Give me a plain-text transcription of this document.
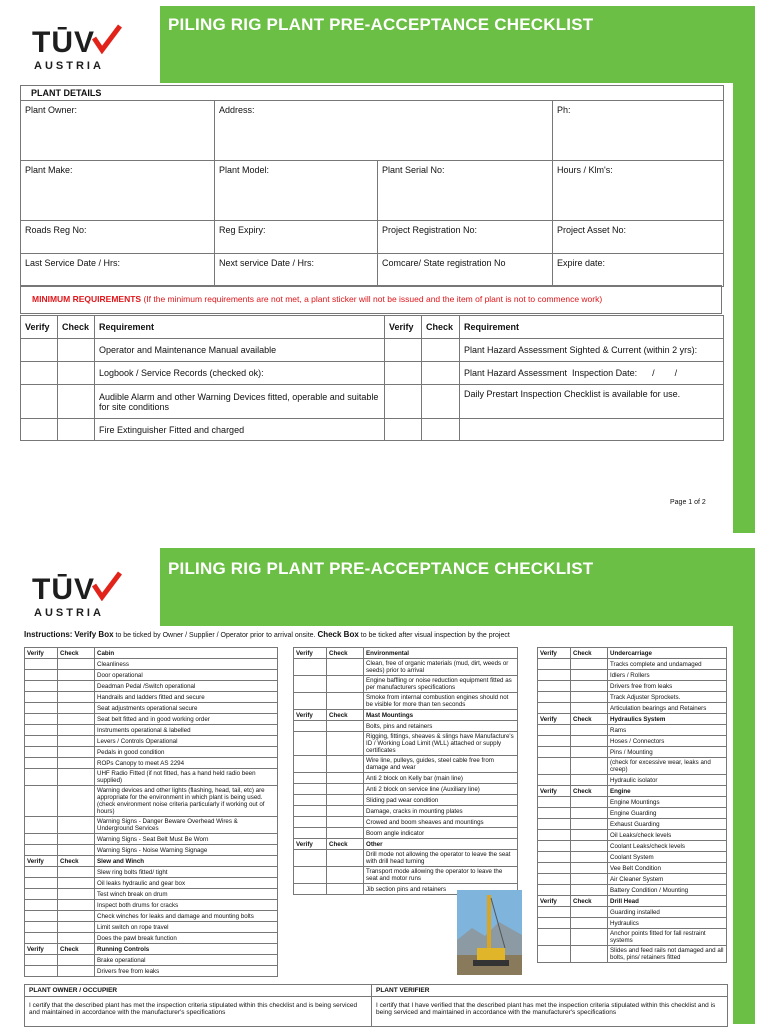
TŪV
AUSTRIA
PILING RIG PLANT PRE-ACCEPTANCE CHECKLIST
PLANT DETAILS			
Plant Owner:	Address:		Ph:
Plant Make:	Plant Model:	Plant Serial No:	Hours / Klm's:
Roads Reg No:	Reg Expiry:	Project Registration No:	Project Asset No:
Last Service Date / Hrs:	Next service Date / Hrs:	Comcare/ State registration No	Expire date:
MINIMUM REQUIREMENTS (If the minimum requirements are not met, a plant sticker will not be issued and the item of plant is not to commence work)
Verify	Check	Requirement	Verify	Check	Requirement
		Operator and Maintenance Manual available			Plant Hazard Assessment Sighted & Current (within 2 yrs):
		Logbook / Service Records (checked ok):			Plant Hazard Assessment  Inspection Date:      /        /
		Audible Alarm and other Warning Devices fitted, operable and suitable for site conditions			Daily Prestart Inspection Checklist is available for use.
		Fire Extinguisher Fitted and charged			
Page 1 of 2
TŪV
AUSTRIA
PILING RIG PLANT PRE-ACCEPTANCE CHECKLIST
Instructions: Verify Box to be ticked by Owner / Supplier / Operator prior to arrival onsite. Check Box to be ticked after visual inspection by the project
Verify	Check	Cabin
		Cleanliness
		Door operational
		Deadman Pedal /Switch operational
		Handrails and ladders fitted and secure
		Seat adjustments operational secure
		Seat belt fitted and in good working order
		Instruments operational & labelled
		Levers / Controls Operational
		Pedals in good condition
		ROPs Canopy to meet AS 2294
		UHF Radio Fitted (if not fitted, has a hand held radio been supplied)
		Warning devices and other lights (flashing, head, tail, etc) are appropriate for the environment in which plant is being used. (check environment noise criteria particularly if working out of hours)
		Warning Signs - Danger Beware Overhead Wires & Underground Services
		Warning Signs - Seat Belt Must Be Worn
		Warning Signs - Noise Warning Signage
Verify	Check	Slew and Winch
		Slew ring bolts fitted/ tight
		Oil leaks hydraulic and gear box
		Test winch break on drum
		Inspect both drums for cracks
		Check winches for leaks and damage and mounting bolts
		Limit switch on rope travel
		Does the pawl break function
Verify	Check	Running Controls
		Brake operational
		Drivers free from leaks
Verify	Check	Environmental
		Clean, free of organic materials (mud, dirt, weeds or seeds) prior to arrival
		Engine baffling or noise reduction equipment fitted as per manufacturers specifications
		Smoke from internal combustion engines should not be visible for more than ten seconds
Verify	Check	Mast Mountings
		Bolts, pins and retainers
		Rigging, fittings, sheaves & slings have Manufacture's ID / Working Load Limit (WLL) attached or supply certificates
		Wire line, pulleys, guides, steel cable free from damage and wear
		Anti 2 block on Kelly bar (main line)
		Anti 2 block on service line (Auxiliary line)
		Sliding pad wear condition
		Damage, cracks in mounting plates
		Crowed and boom sheaves and mountings
		Boom angle indicator
Verify	Check	Other
		Drill mode not allowing the operator to leave the seat with drill head turning
		Transport mode allowing the operator to leave the seat and motor runs
		Jib section pins and retainers
Verify	Check	Undercarriage
		Tracks complete and undamaged
		Idlers / Rollers
		Drivers free from leaks
		Track Adjuster Sprockets.
		Articulation bearings and Retainers
Verify	Check	Hydraulics System
		Rams
		Hoses / Connectors
		Pins / Mounting
		(check for excessive wear, leaks and creep)
		Hydraulic isolator
Verify	Check	Engine
		Engine Mountings
		Engine Guarding
		Exhaust Guarding
		Oil Leaks/check levels
		Coolant Leaks/check levels
		Coolant System
		Vee Belt Condition
		Air Cleaner System
		Battery Condition / Mounting
Verify	Check	Drill Head
		Guarding installed
		Hydraulics
		Anchor points fitted for fall restraint systems
		Slides and feed rails not damaged and all bolts, pins/ retainers fitted
PLANT OWNER / OCCUPIER	PLANT VERIFIER
I certify that the described plant has met the inspection criteria stipulated within this checklist and is being serviced and maintained in accordance with the manufacturer's specifications	I certify that I have verified that the described plant has met the inspection criteria stipulated within this checklist and is being serviced and maintained in accordance with the manufacturer's specifications
